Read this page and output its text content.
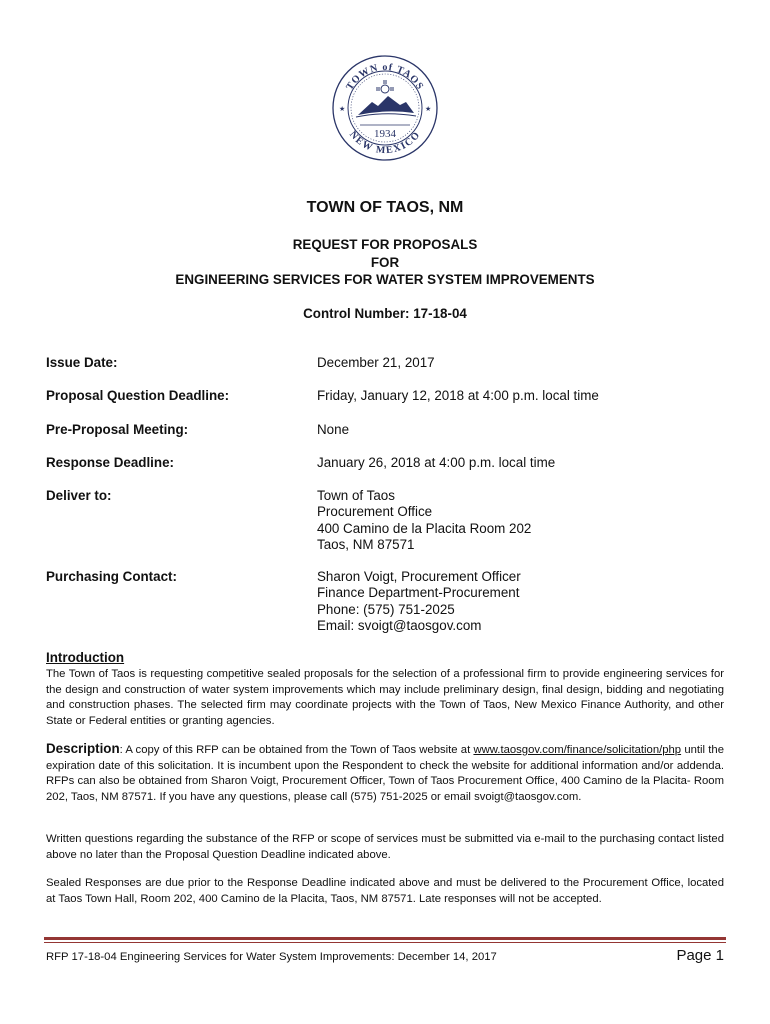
TOWN of TAOS
NEW MEXICO
1934
★	★
TOWN OF TAOS, NM
REQUEST FOR PROPOSALS
FOR
ENGINEERING SERVICES FOR WATER SYSTEM IMPROVEMENTS
Control Number: 17-18-04
Issue Date:	December 21, 2017
Proposal Question Deadline:	Friday, January 12, 2018 at 4:00 p.m. local time
Pre-Proposal Meeting:	None
Response Deadline:	January 26, 2018 at 4:00 p.m. local time
Deliver to:	Town of Taos
Procurement Office
400 Camino de la Placita Room 202
Taos, NM 87571
Purchasing Contact:	Sharon Voigt, Procurement Officer
Finance Department-Procurement
Phone: (575) 751-2025
Email: svoigt@taosgov.com
Introduction
The Town of Taos is requesting competitive sealed proposals for the selection of a professional firm to provide engineering services for the design and construction of water system improvements which may include preliminary design, final design, bidding and negotiating and construction phases. The selected firm may coordinate projects with the Town of Taos, New Mexico Finance Authority, and other State or Federal entities or granting agencies.
Description: A copy of this RFP can be obtained from the Town of Taos website at www.taosgov.com/finance/solicitation/php until the expiration date of this solicitation. It is incumbent upon the Respondent to check the website for additional information and/or addenda. RFPs can also be obtained from Sharon Voigt, Procurement Officer, Town of Taos Procurement Office, 400 Camino de la Placita- Room 202, Taos, NM 87571. If you have any questions, please call (575) 751-2025 or email svoigt@taosgov.com.
Written questions regarding the substance of the RFP or scope of services must be submitted via e-mail to the purchasing contact listed above no later than the Proposal Question Deadline indicated above.
Sealed Responses are due prior to the Response Deadline indicated above and must be delivered to the Procurement Office, located at Taos Town Hall, Room 202, 400 Camino de la Placita, Taos, NM 87571. Late responses will not be accepted.
RFP 17-18-04 Engineering Services for Water System Improvements: December 14, 2017	Page 1
